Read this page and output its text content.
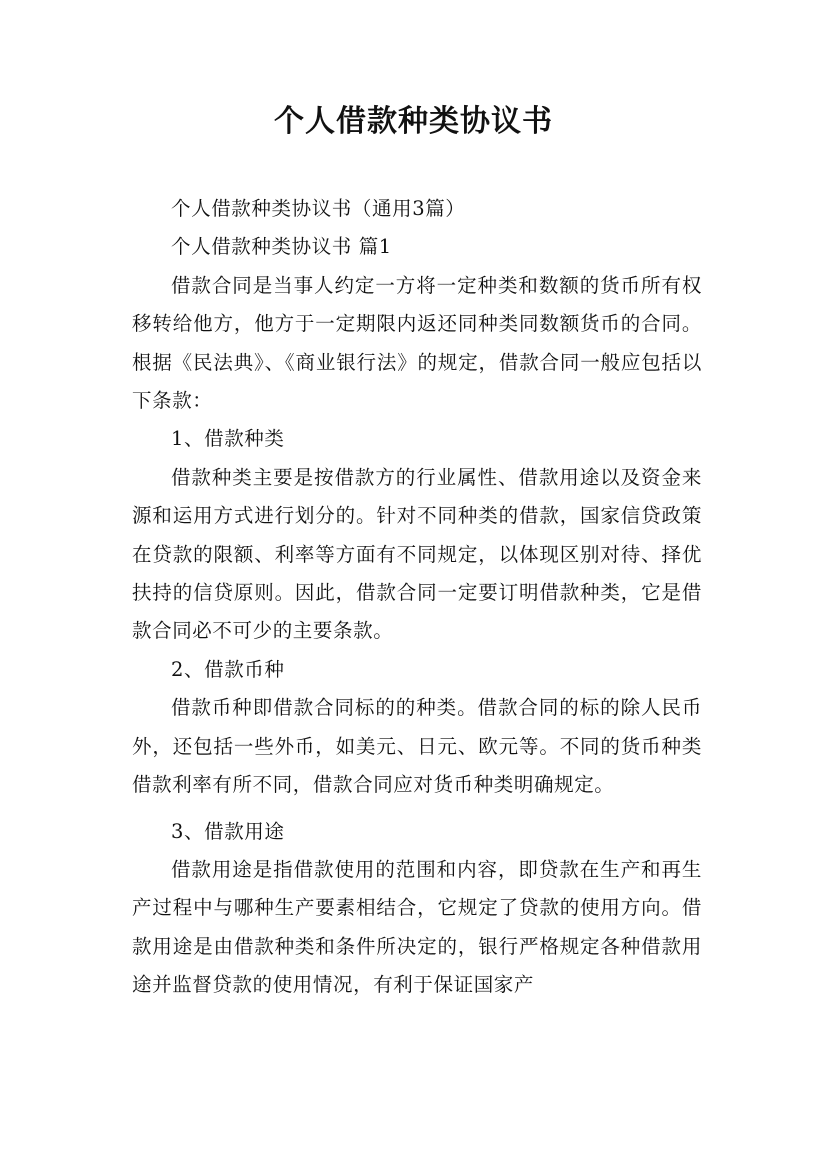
个人借款种类协议书

个人借款种类协议书（通用3篇）

个人借款种类协议书 篇1

借款合同是当事人约定一方将一定种类和数额的货币所有权移转给他方，他方于一定期限内返还同种类同数额货币的合同。根据《民法典》、《商业银行法》的规定，借款合同一般应包括以下条款：

1、借款种类

借款种类主要是按借款方的行业属性、借款用途以及资金来源和运用方式进行划分的。针对不同种类的借款，国家信贷政策在贷款的限额、利率等方面有不同规定，以体现区别对待、择优扶持的信贷原则。因此，借款合同一定要订明借款种类，它是借款合同必不可少的主要条款。

2、借款币种

借款币种即借款合同标的的种类。借款合同的标的除人民币外，还包括一些外币，如美元、日元、欧元等。不同的货币种类借款利率有所不同，借款合同应对货币种类明确规定。

3、借款用途

借款用途是指借款使用的范围和内容，即贷款在生产和再生产过程中与哪种生产要素相结合，它规定了贷款的使用方向。借款用途是由借款种类和条件所决定的，银行严格规定各种借款用途并监督贷款的使用情况，有利于保证国家产
